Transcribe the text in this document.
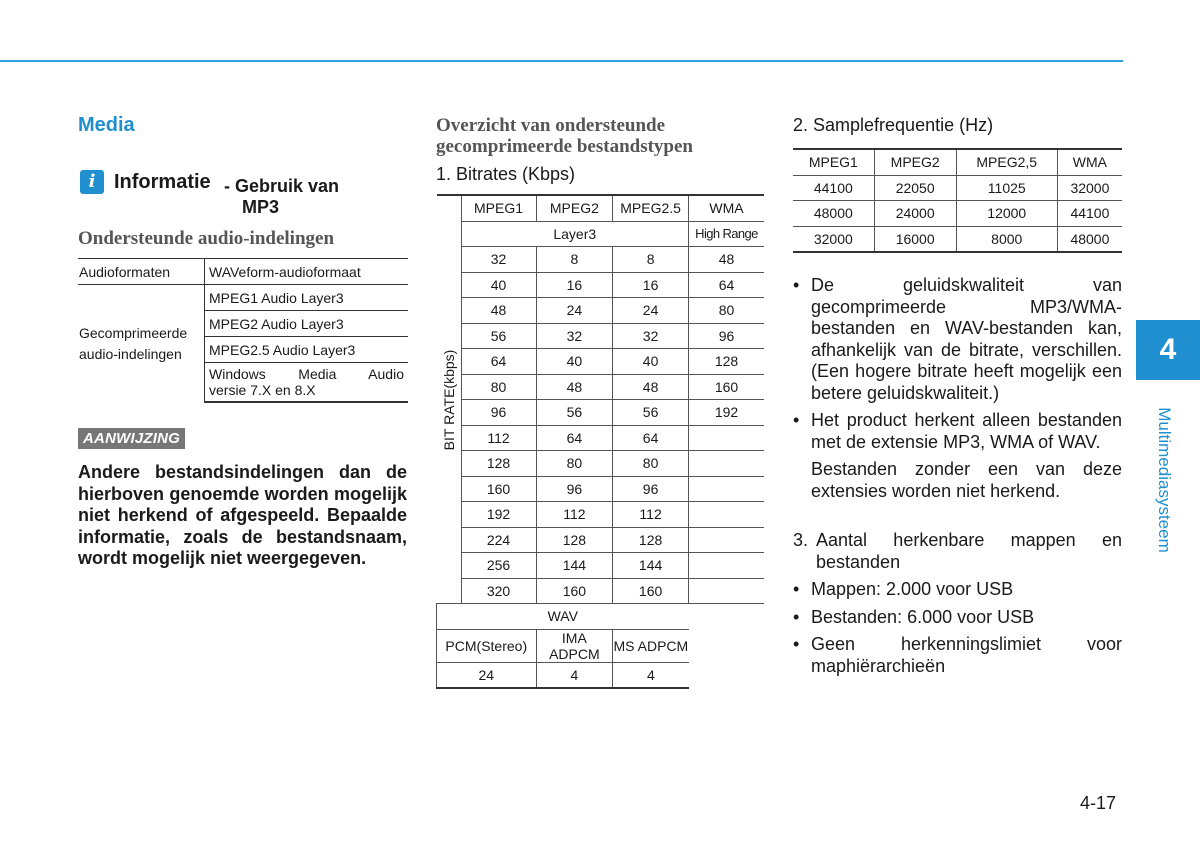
Media
i Informatie - Gebruik van
MP3
Ondersteunde audio-indelingen
Audioformaten	WAVeform-audioformaat
Gecomprimeerde
audio-indelingen	MPEG1 Audio Layer3
	MPEG2 Audio Layer3
	MPEG2.5 Audio Layer3
	Windows Media Audio
versie 7.X en 8.X
AANWIJZING
Andere bestandsindelingen dan de hierboven genoemde worden mogelijk niet herkend of afgespeeld. Bepaalde informatie, zoals de bestandsnaam, wordt mogelijk niet weergegeven.
Overzicht van ondersteunde
gecomprimeerde bestandstypen
1. Bitrates (Kbps)
BIT RATE(kbps)	MPEG1	MPEG2	MPEG2.5	WMA
	Layer3			High Range
	32	8	8	48
	40	16	16	64
	48	24	24	80
	56	32	32	96
	64	40	40	128
	80	48	48	160
	96	56	56	192
	112	64	64	
	128	80	80	
	160	96	96	
	192	112	112	
	224	128	128	
	256	144	144	
	320	160	160	
WAV				
PCM(Stereo)		IMA ADPCM	MS ADPCM	
24		4	4	
2. Samplefrequentie (Hz)
MPEG1	MPEG2	MPEG2,5	WMA
44100	22050	11025	32000
48000	24000	12000	44100
32000	16000	8000	48000
• De geluidskwaliteit van gecomprimeerde MP3/WMA-bestanden en WAV-bestanden kan, afhankelijk van de bitrate, verschillen. (Een hogere bitrate heeft mogelijk een betere geluidskwaliteit.)
• Het product herkent alleen bestanden met de extensie MP3, WMA of WAV.
Bestanden zonder een van deze extensies worden niet herkend.
3. Aantal herkenbare mappen en bestanden
• Mappen: 2.000 voor USB
• Bestanden: 6.000 voor USB
• Geen herkenningslimiet voor maphiërarchieën
4
Multimediasysteem
4-17
